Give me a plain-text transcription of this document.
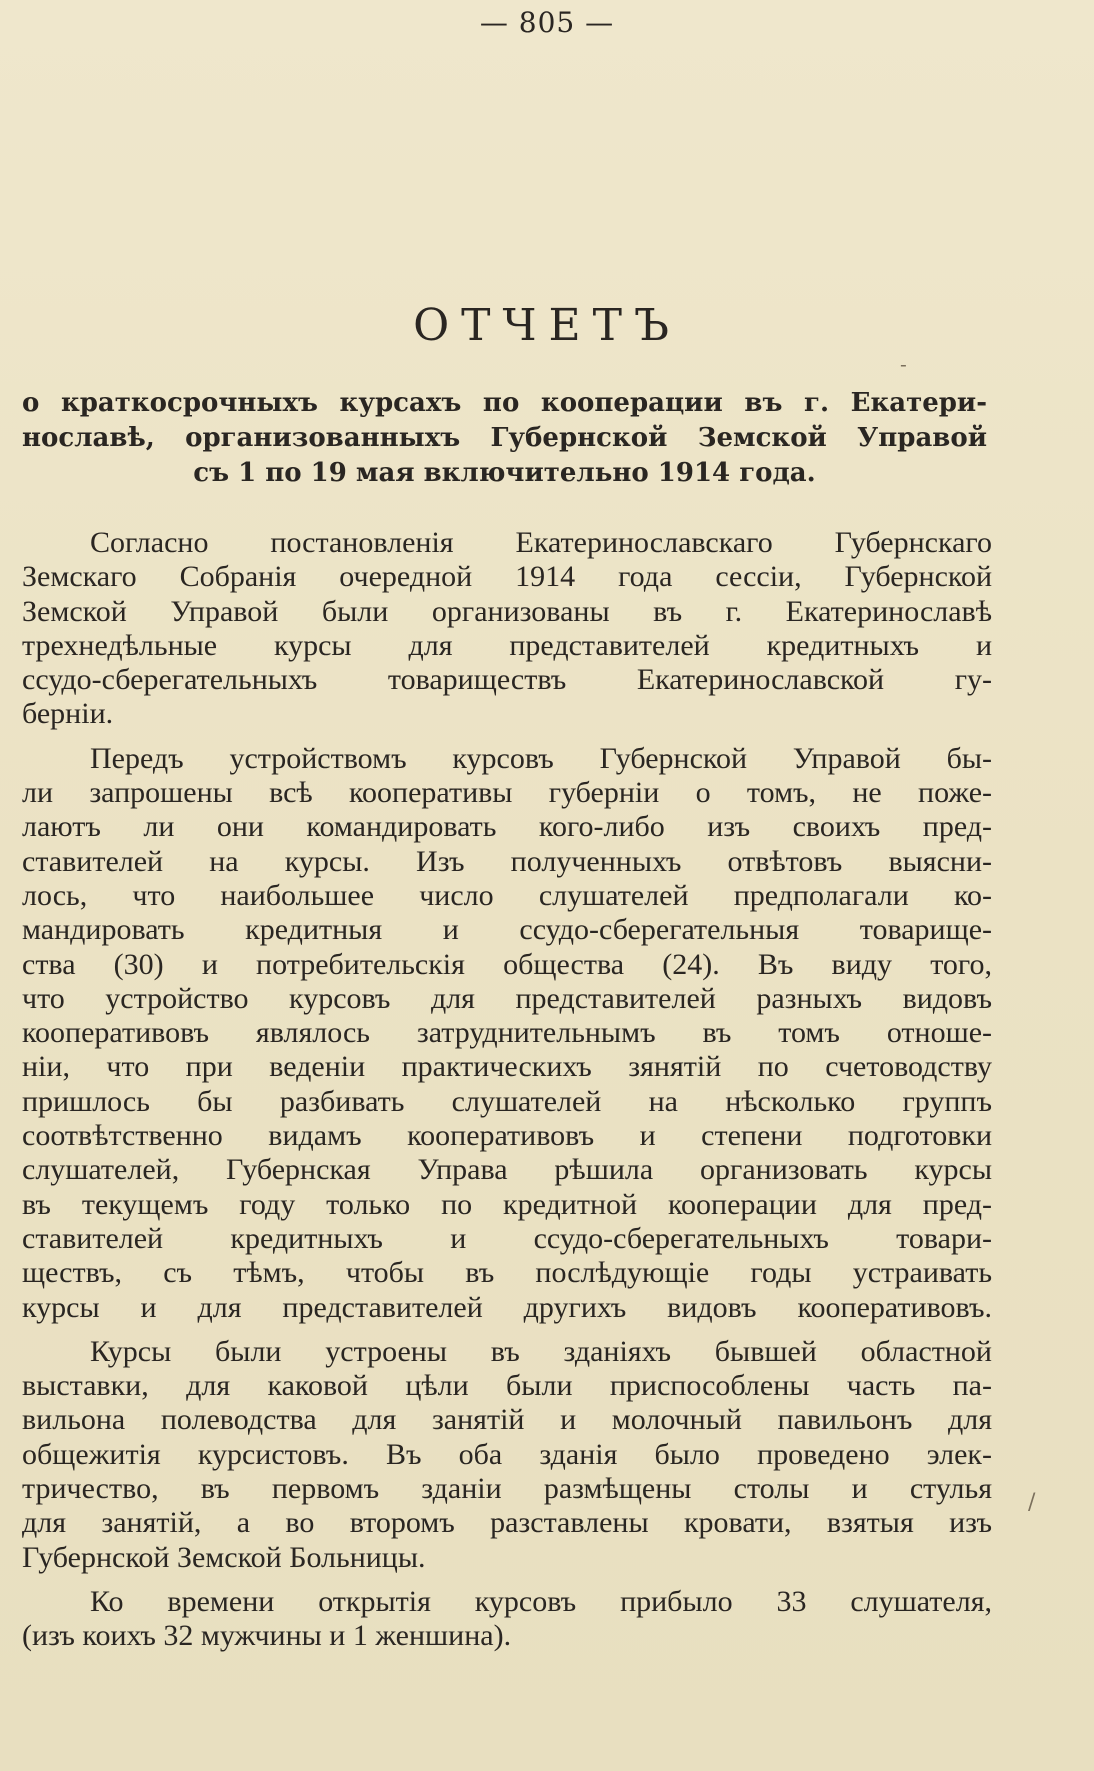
— 805 —
ОТЧЕТЪ
о краткосрочныхъ курсахъ по кооперации въ г. Екатери-
нославѣ, организованныхъ Губернской Земской Управой
съ 1 по 19 мая включительно 1914 года.
Согласно постановленія Екатеринославскаго Губернскаго
Земскаго Собранія очередной 1914 года сессіи, Губернской
Земской Управой были организованы въ г. Екатеринославѣ
трехнедѣльные курсы для представителей кредитныхъ и
ссудо-сберегательныхъ товариществъ Екатеринославской гу-
берніи.
Передъ устройствомъ курсовъ Губернской Управой бы-
ли запрошены всѣ кооперативы губерніи о томъ, не поже-
лаютъ ли они командировать кого-либо изъ своихъ пред-
ставителей на курсы. Изъ полученныхъ отвѣтовъ выясни-
лось, что наибольшее число слушателей предполагали ко-
мандировать кредитныя и ссудо-сберегательныя товарище-
ства (30) и потребительскія общества (24). Въ виду того,
что устройство курсовъ для представителей разныхъ видовъ
кооперативовъ являлось затруднительнымъ въ томъ отноше-
ніи, что при веденіи практическихъ зянятій по счетоводству
пришлось бы разбивать слушателей на нѣсколько группъ
соотвѣтственно видамъ кооперативовъ и степени подготовки
слушателей, Губернская Управа рѣшила организовать курсы
въ текущемъ году только по кредитной кооперации для пред-
ставителей кредитныхъ и ссудо-сберегательныхъ товари-
ществъ, съ тѣмъ, чтобы въ послѣдующіе годы устраивать
курсы и для представителей другихъ видовъ кооперативовъ.
Курсы были устроены въ зданіяхъ бывшей областной
выставки, для каковой цѣли были приспособлены часть па-
вильона полеводства для занятій и молочный павильонъ для
общежитія курсистовъ. Въ оба зданія было проведено элек-
тричество, въ первомъ зданіи размѣщены столы и стулья
для занятій, а во второмъ разставлены кровати, взятыя изъ
Губернской Земской Больницы.
Ко времени открытія курсовъ прибыло 33 слушателя,
(изъ коихъ 32 мужчины и 1 женшина).
/
-
